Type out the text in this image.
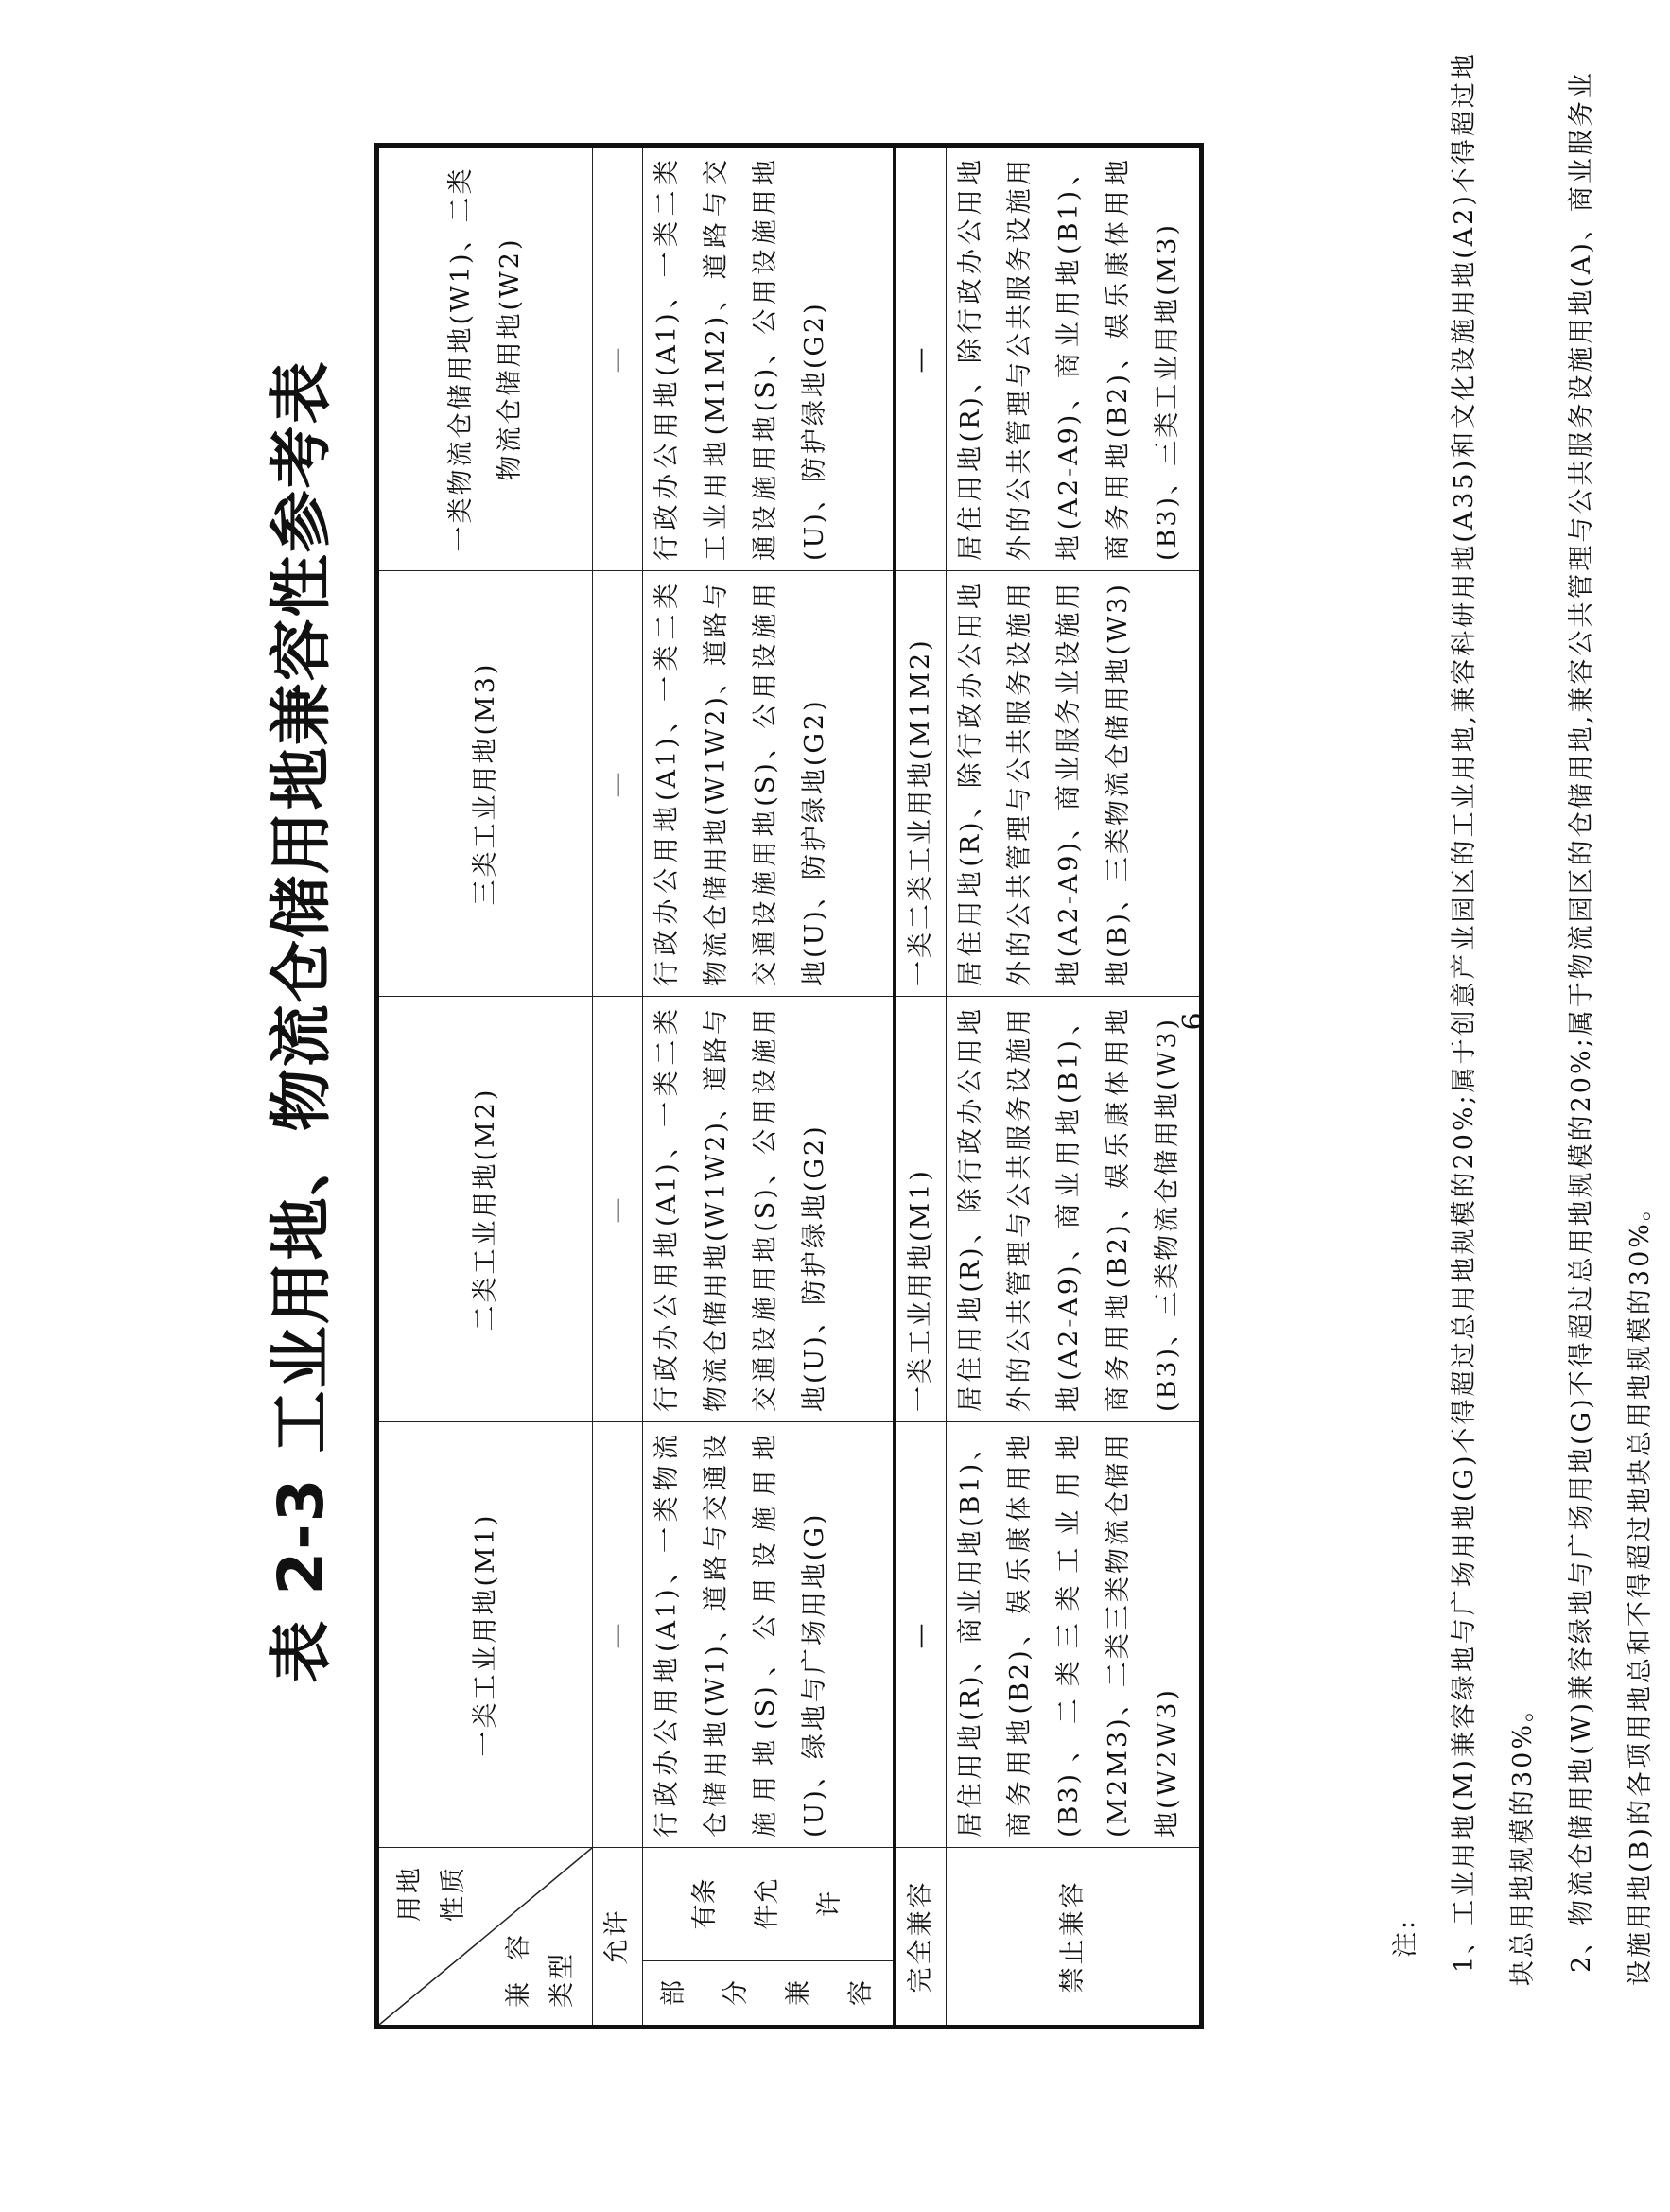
表 2-3 工业用地、物流仓储用地兼容性参考表
用地性质
兼容类型		一类工业用地(M1)	二类工业用地(M2)	三类工业用地(M3)	一类物流仓储用地(W1)、二类物流仓储用地(W2)
允许		—	—	—	—

部分兼容	有条件允许	行政办公用地(A1)、一类物流仓储用地(W1)、道路与交通设施用地(S)、公用设施用地(U)、绿地与广场用地(G)	行政办公用地(A1)、一类二类物流仓储用地(W1W2)、道路与交通设施用地(S)、公用设施用地(U)、防护绿地(G2)	行政办公用地(A1)、一类二类物流仓储用地(W1W2)、道路与交通设施用地(S)、公用设施用地(U)、防护绿地(G2)	行政办公用地(A1)、一类二类工业用地(M1M2)、道路与交通设施用地(S)、公用设施用地(U)、防护绿地(G2)
完全兼容		—	一类工业用地(M1)	一类二类工业用地(M1M2)	—
禁止兼容		居住用地(R)、商业用地(B1)、商务用地(B2)、娱乐康体用地(B3)、二类三类工业用地(M2M3)、二类三类物流仓储用地(W2W3)	居住用地(R)、除行政办公用地外的公共管理与公共服务设施用地(A2-A9)、商业用地(B1)、商务用地(B2)、娱乐康体用地(B3)、三类物流仓储用地(W3)	居住用地(R)、除行政办公用地外的公共管理与公共服务设施用地(A2-A9)、商业服务业设施用地(B)、三类物流仓储用地(W3)	居住用地(R)、除行政办公用地外的公共管理与公共服务设施用地(A2-A9)、商业用地(B1)、商务用地(B2)、娱乐康体用地(B3)、三类工业用地(M3)
6
注:	1、工业用地(M)兼容绿地与广场用地(G)不得超过总用地规模的20%;属于创意产业园区的工业用地,兼容科研用地(A35)和文化设施用地(A2)不得超过地块总用地规模的30%。	2、物流仓储用地(W)兼容绿地与广场用地(G)不得超过总用地规模的20%;属于物流园区的仓储用地,兼容公共管理与公共服务设施用地(A)、商业服务业设施用地(B)的各项用地总和不得超过地块总用地规模的30%。
